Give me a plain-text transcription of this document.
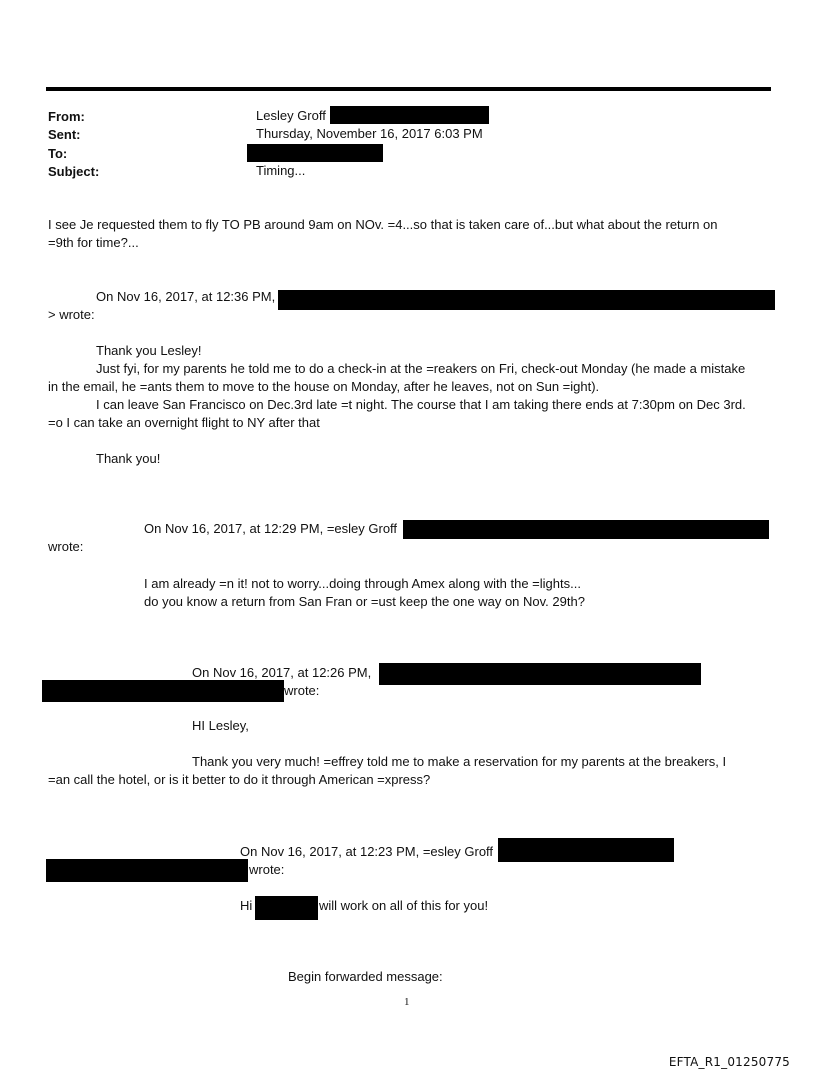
From:	Lesley Groff
Sent:	Thursday, November 16, 2017 6:03 PM
To:
Subject:	Timing...
I see Je requested them to fly TO PB around 9am on NOv. =4...so that is taken care of...but what about the return on
=9th for time?...
On Nov 16, 2017, at 12:36 PM,
> wrote:
Thank you Lesley!
Just fyi, for my parents he told me to do a check-in at the =reakers on Fri, check-out Monday (he made a mistake
in the email, he =ants them to move to the house on Monday, after he leaves, not on Sun =ight).
I can leave San Francisco on Dec.3rd late =t night. The course that I am taking there ends at 7:30pm on Dec 3rd.
=o I can take an overnight flight to NY after that
Thank you!
On Nov 16, 2017, at 12:29 PM, =esley Groff
wrote:
I am already =n it! not to worry...doing through Amex along with the =lights...
do you know a return from San Fran or =ust keep the one way on Nov. 29th?
On Nov 16, 2017, at 12:26 PM,
wrote:
HI Lesley,
Thank you very much! =effrey told me to make a reservation for my parents at the breakers, I
=an call the hotel, or is it better to do it through American =xpress?
On Nov 16, 2017, at 12:23 PM, =esley Groff
wrote:
Hi	will work on all of this for you!
Begin forwarded message:
1
EFTA_R1_01250775
